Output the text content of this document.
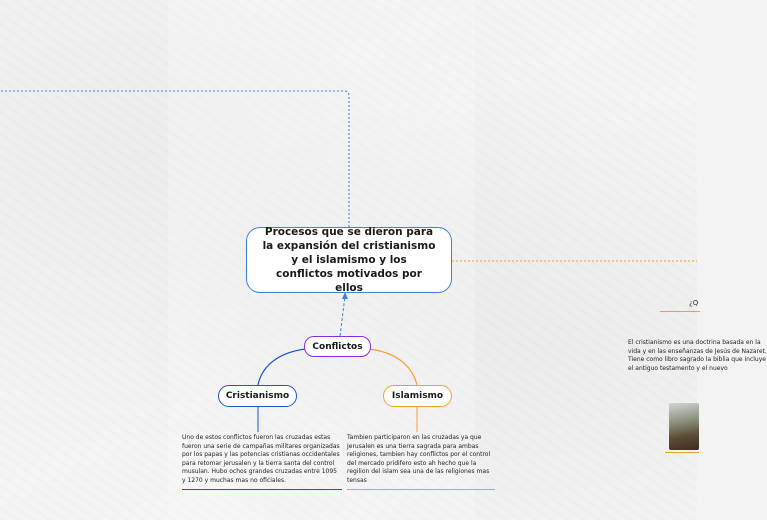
Procesos que se dieron para la expansión del cristianismo y el islamismo y los conflictos motivados por ellos
Conflictos
Cristianismo	Islamismo
Uno de estos conflictos fueron las cruzadas estas fueron una serie de campañas militares organizadas por los papas y las potencias cristianas occidentales para retomar jerusalen y la tierra santa del control musulan. Hubo ochos grandes cruzadas entre 1095 y 1270 y muchas mas no oficiales.
Tambien participaron en las cruzadas ya que Jerusalen es una tierra sagrada para ambas religiones, tambien hay conflictos por el control del mercado pridifero esto ah hecho que la regilion del islam sea una de las religiones mas tensas
¿Q
El cristianismo es una doctrina basada en la
vida y en las enseñanzas de Jesús de Nazaret.
Tiene como libro sagrado la biblia que incluye
el antiguo testamento y el nuevo
